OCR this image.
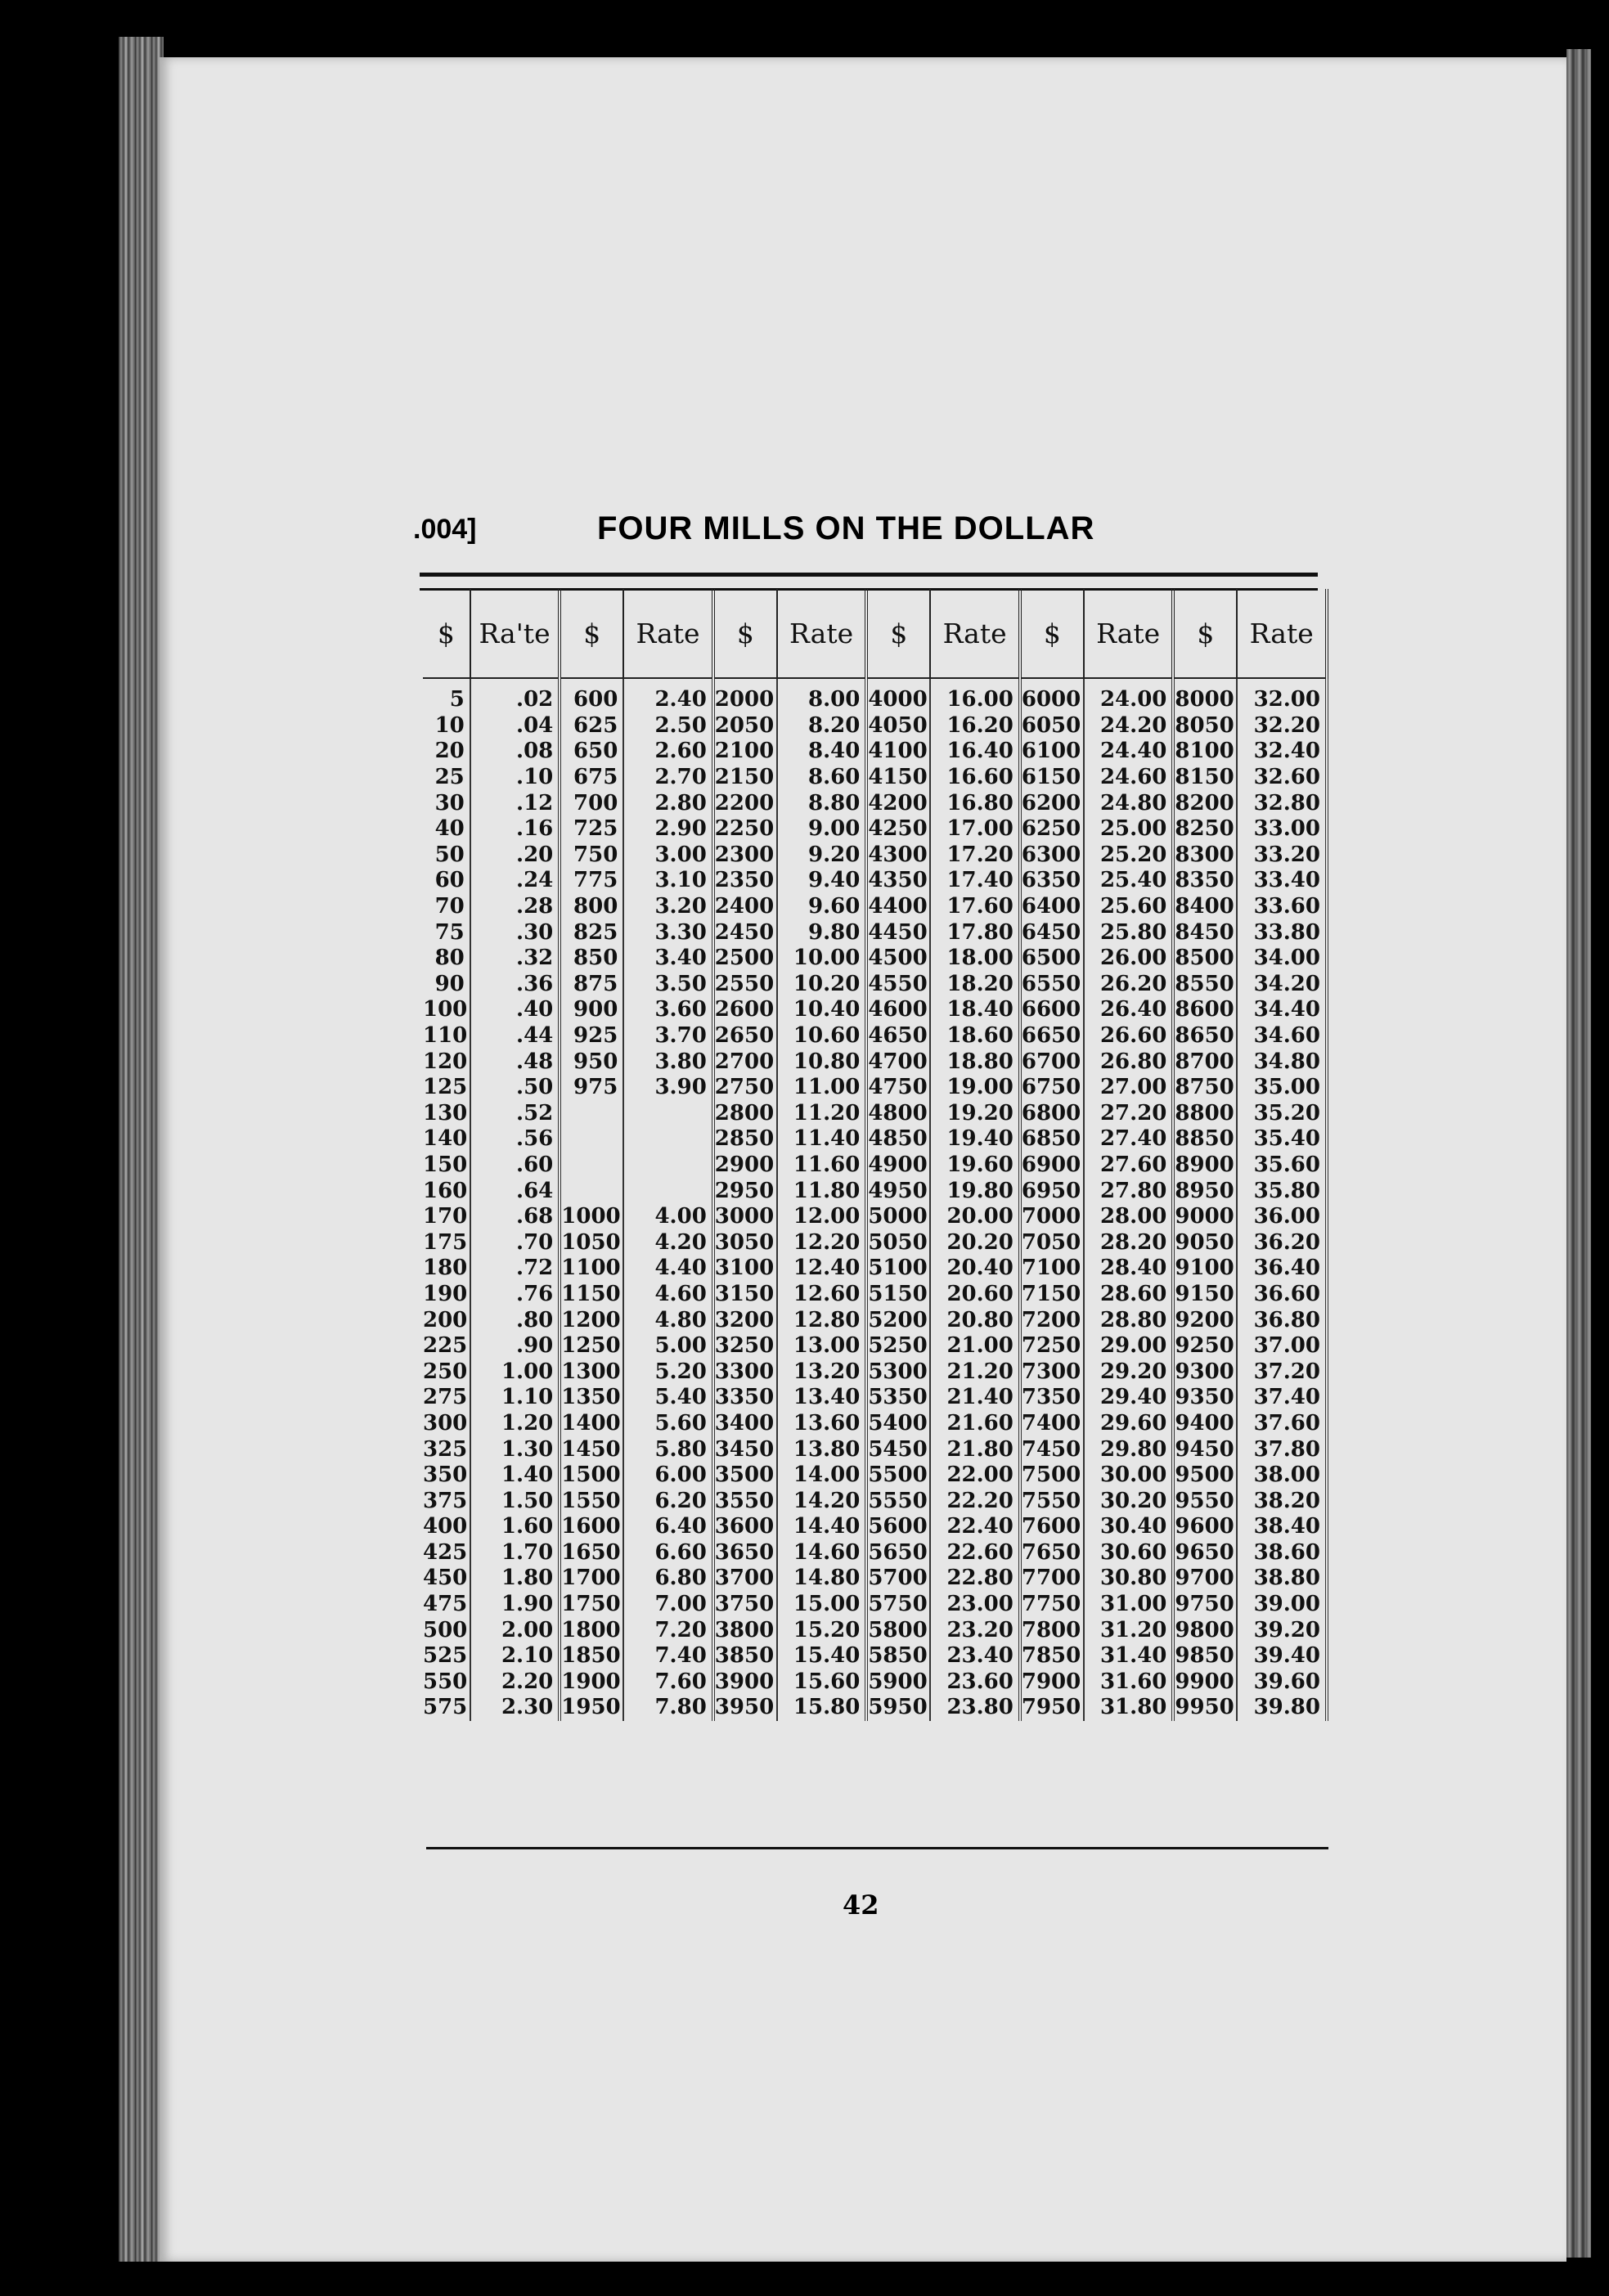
.004]	FOUR MILLS ON THE DOLLAR
$	Ra'te	$	Rate	$	Rate	$	Rate	$	Rate	$	Rate
5	.02	600	2.40	2000	8.00	4000	16.00	6000	24.00	8000	32.00
10	.04	625	2.50	2050	8.20	4050	16.20	6050	24.20	8050	32.20
20	.08	650	2.60	2100	8.40	4100	16.40	6100	24.40	8100	32.40
25	.10	675	2.70	2150	8.60	4150	16.60	6150	24.60	8150	32.60
30	.12	700	2.80	2200	8.80	4200	16.80	6200	24.80	8200	32.80
40	.16	725	2.90	2250	9.00	4250	17.00	6250	25.00	8250	33.00
50	.20	750	3.00	2300	9.20	4300	17.20	6300	25.20	8300	33.20
60	.24	775	3.10	2350	9.40	4350	17.40	6350	25.40	8350	33.40
70	.28	800	3.20	2400	9.60	4400	17.60	6400	25.60	8400	33.60
75	.30	825	3.30	2450	9.80	4450	17.80	6450	25.80	8450	33.80
80	.32	850	3.40	2500	10.00	4500	18.00	6500	26.00	8500	34.00
90	.36	875	3.50	2550	10.20	4550	18.20	6550	26.20	8550	34.20
100	.40	900	3.60	2600	10.40	4600	18.40	6600	26.40	8600	34.40
110	.44	925	3.70	2650	10.60	4650	18.60	6650	26.60	8650	34.60
120	.48	950	3.80	2700	10.80	4700	18.80	6700	26.80	8700	34.80
125	.50	975	3.90	2750	11.00	4750	19.00	6750	27.00	8750	35.00
130	.52			2800	11.20	4800	19.20	6800	27.20	8800	35.20
140	.56			2850	11.40	4850	19.40	6850	27.40	8850	35.40
150	.60			2900	11.60	4900	19.60	6900	27.60	8900	35.60
160	.64			2950	11.80	4950	19.80	6950	27.80	8950	35.80
170	.68	1000	4.00	3000	12.00	5000	20.00	7000	28.00	9000	36.00
175	.70	1050	4.20	3050	12.20	5050	20.20	7050	28.20	9050	36.20
180	.72	1100	4.40	3100	12.40	5100	20.40	7100	28.40	9100	36.40
190	.76	1150	4.60	3150	12.60	5150	20.60	7150	28.60	9150	36.60
200	.80	1200	4.80	3200	12.80	5200	20.80	7200	28.80	9200	36.80
225	.90	1250	5.00	3250	13.00	5250	21.00	7250	29.00	9250	37.00
250	1.00	1300	5.20	3300	13.20	5300	21.20	7300	29.20	9300	37.20
275	1.10	1350	5.40	3350	13.40	5350	21.40	7350	29.40	9350	37.40
300	1.20	1400	5.60	3400	13.60	5400	21.60	7400	29.60	9400	37.60
325	1.30	1450	5.80	3450	13.80	5450	21.80	7450	29.80	9450	37.80
350	1.40	1500	6.00	3500	14.00	5500	22.00	7500	30.00	9500	38.00
375	1.50	1550	6.20	3550	14.20	5550	22.20	7550	30.20	9550	38.20
400	1.60	1600	6.40	3600	14.40	5600	22.40	7600	30.40	9600	38.40
425	1.70	1650	6.60	3650	14.60	5650	22.60	7650	30.60	9650	38.60
450	1.80	1700	6.80	3700	14.80	5700	22.80	7700	30.80	9700	38.80
475	1.90	1750	7.00	3750	15.00	5750	23.00	7750	31.00	9750	39.00
500	2.00	1800	7.20	3800	15.20	5800	23.20	7800	31.20	9800	39.20
525	2.10	1850	7.40	3850	15.40	5850	23.40	7850	31.40	9850	39.40
550	2.20	1900	7.60	3900	15.60	5900	23.60	7900	31.60	9900	39.60
575	2.30	1950	7.80	3950	15.80	5950	23.80	7950	31.80	9950	39.80
42
